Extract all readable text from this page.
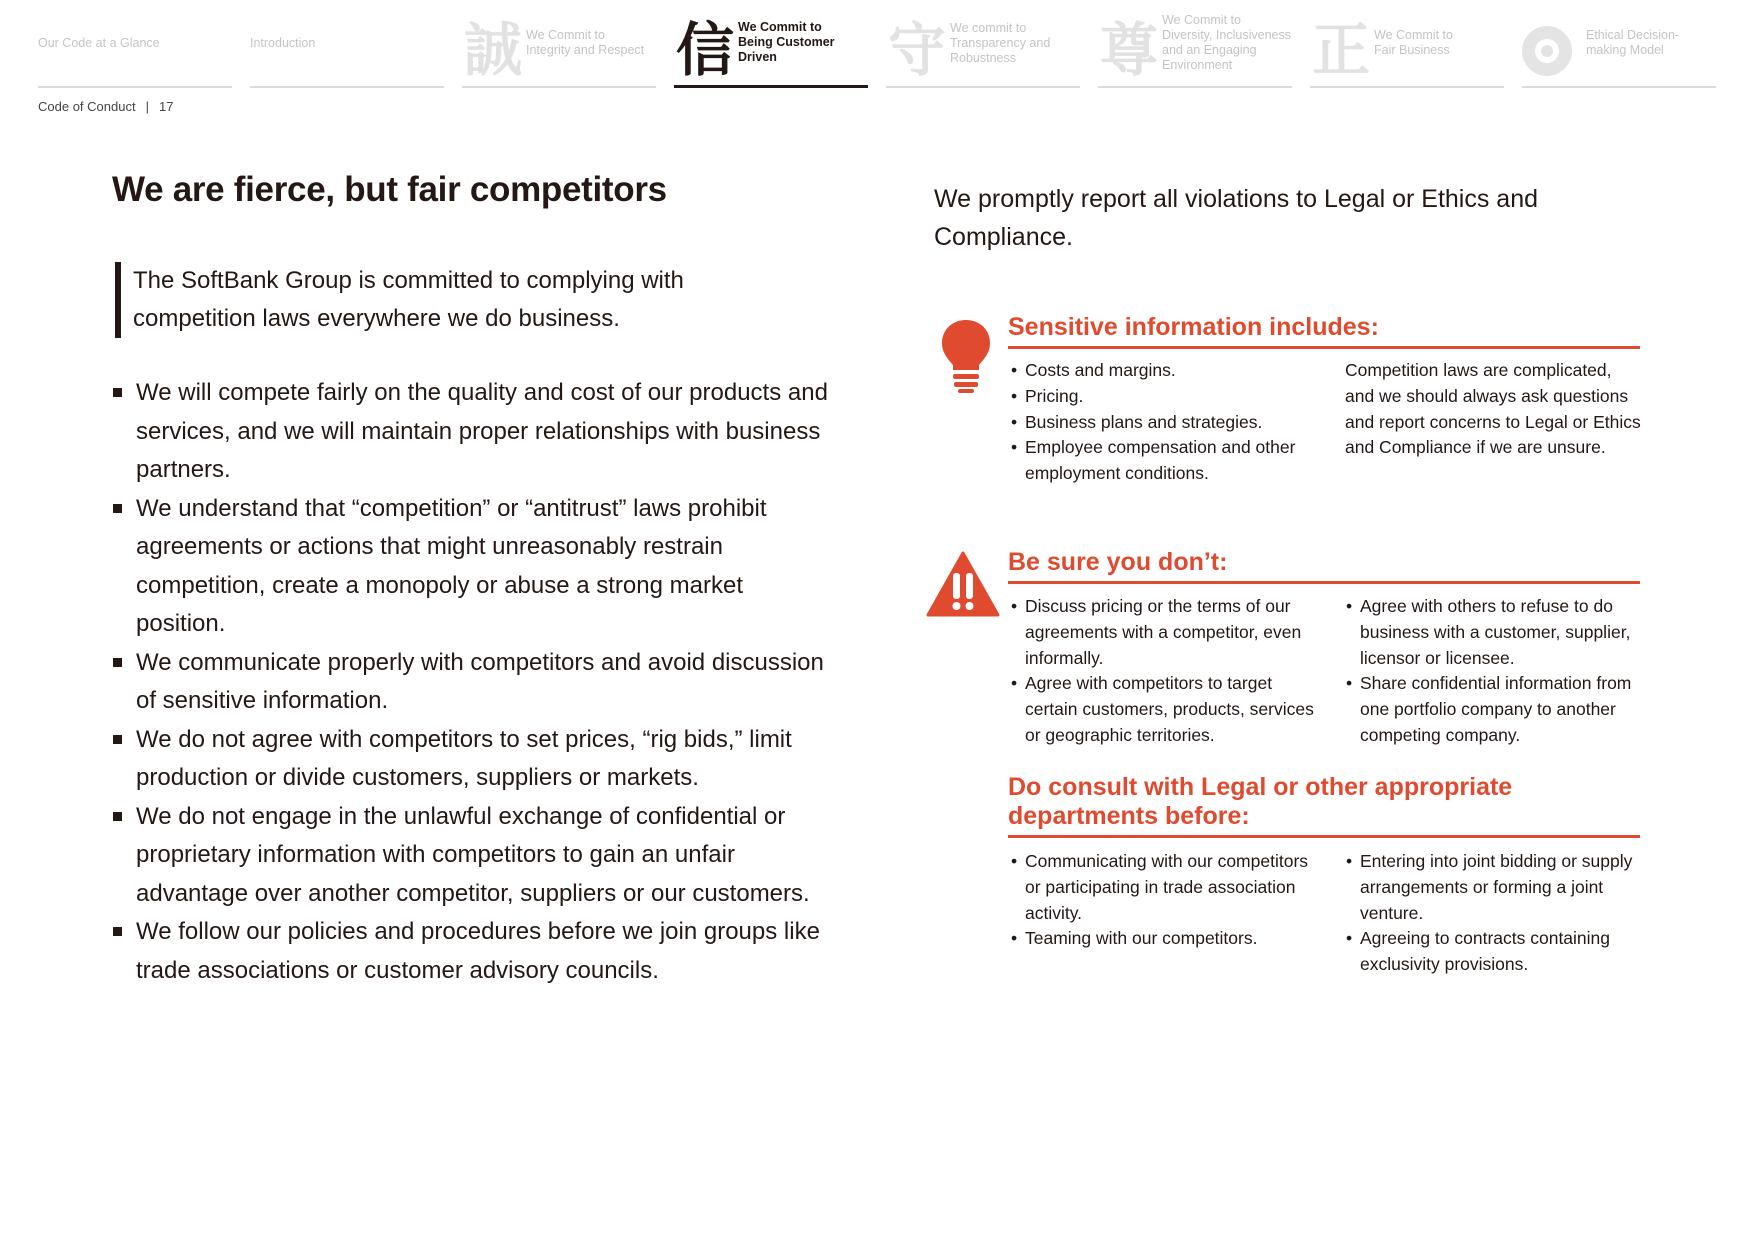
Our Code at a Glance	Introduction	誠 We Commit to
Integrity and Respect 信 We Commit to
Being Customer
Driven	守 We commit to
Transparency and
Robustness	尊 We Commit to
Diversity, Inclusiveness
and an Engaging
Environment	正 We Commit to
Fair Business
Ethical Decision-
making Model
Code of Conduct | 17
We are fierce, but fair competitors
The SoftBank Group is committed to complying with competition laws everywhere we do business.
We will compete fairly on the quality and cost of our products and services, and we will maintain proper relationships with business partners.
We understand that “competition” or “antitrust” laws prohibit agreements or actions that might unreasonably restrain competition, create a monopoly or abuse a strong market position.
We communicate properly with competitors and avoid discussion of sensitive information.
We do not agree with competitors to set prices, “rig bids,” limit production or divide customers, suppliers or markets.
We do not engage in the unlawful exchange of confidential or proprietary information with competitors to gain an unfair advantage over another competitor, suppliers or our customers.
We follow our policies and procedures before we join groups like trade associations or customer advisory councils.
We promptly report all violations to Legal or Ethics and Compliance.
Sensitive information includes:
• Costs and margins.
• Pricing.
• Business plans and strategies.
• Employee compensation and other employment conditions.

Competition laws are complicated, and we should always ask questions and report concerns to Legal or Ethics and Compliance if we are unsure.

Be sure you don’t:
• Discuss pricing or the terms of our agreements with a competitor, even informally.
• Agree with competitors to target certain customers, products, services or geographic territories.
• Agree with others to refuse to do business with a customer, supplier, licensor or licensee.
• Share confidential information from one portfolio company to another competing company.
Do consult with Legal or other appropriate departments before:
• Communicating with our competitors or participating in trade association activity.
• Teaming with our competitors.
• Entering into joint bidding or supply arrangements or forming a joint venture.
• Agreeing to contracts containing exclusivity provisions.
